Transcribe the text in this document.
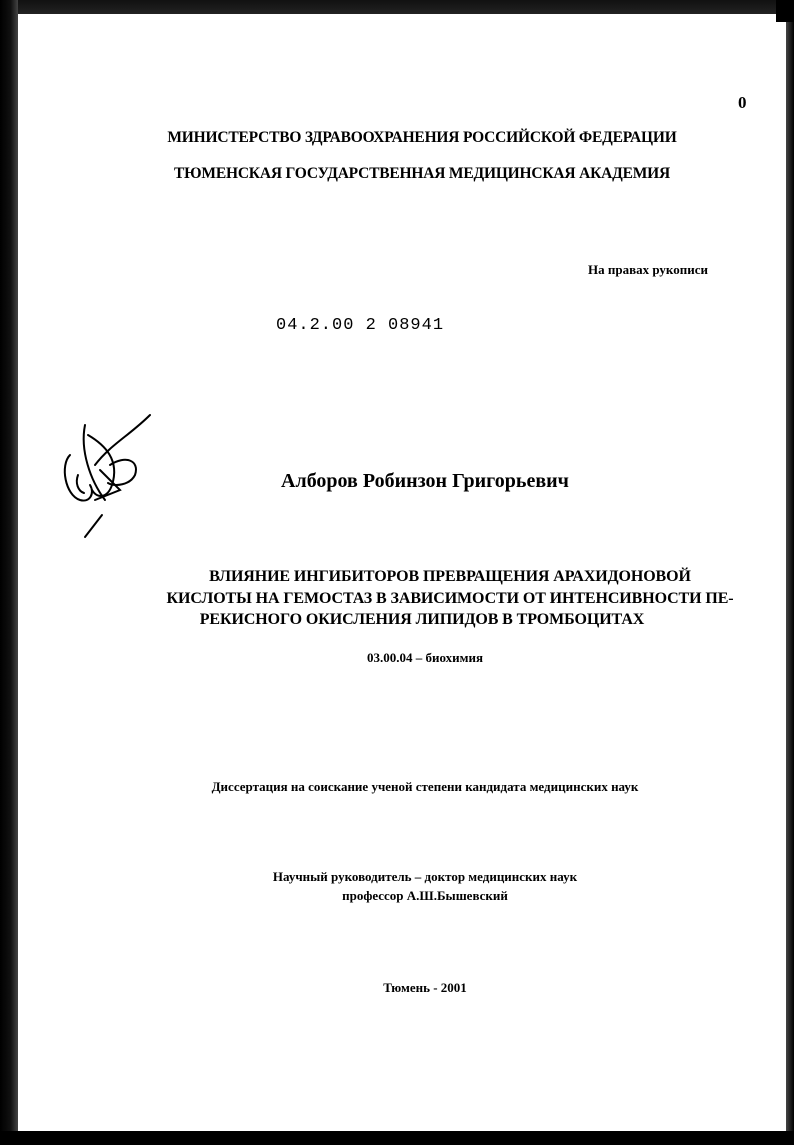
0
МИНИСТЕРСТВО ЗДРАВООХРАНЕНИЯ РОССИЙСКОЙ ФЕДЕРАЦИИ
ТЮМЕНСКАЯ ГОСУДАРСТВЕННАЯ МЕДИЦИНСКАЯ АКАДЕМИЯ
На правах рукописи
04.2.00 2 08941
Алборов Робинзон Григорьевич
ВЛИЯНИЕ ИНГИБИТОРОВ ПРЕВРАЩЕНИЯ АРАХИДОНОВОЙ
КИСЛОТЫ НА ГЕМОСТАЗ В ЗАВИСИМОСТИ ОТ ИНТЕНСИВНОСТИ ПЕ-
РЕКИСНОГО ОКИСЛЕНИЯ ЛИПИДОВ В ТРОМБОЦИТАХ
03.00.04 – биохимия
Диссертация на соискание ученой степени кандидата медицинских наук
Научный руководитель – доктор медицинских наук
профессор А.Ш.Бышевский
Тюмень - 2001
